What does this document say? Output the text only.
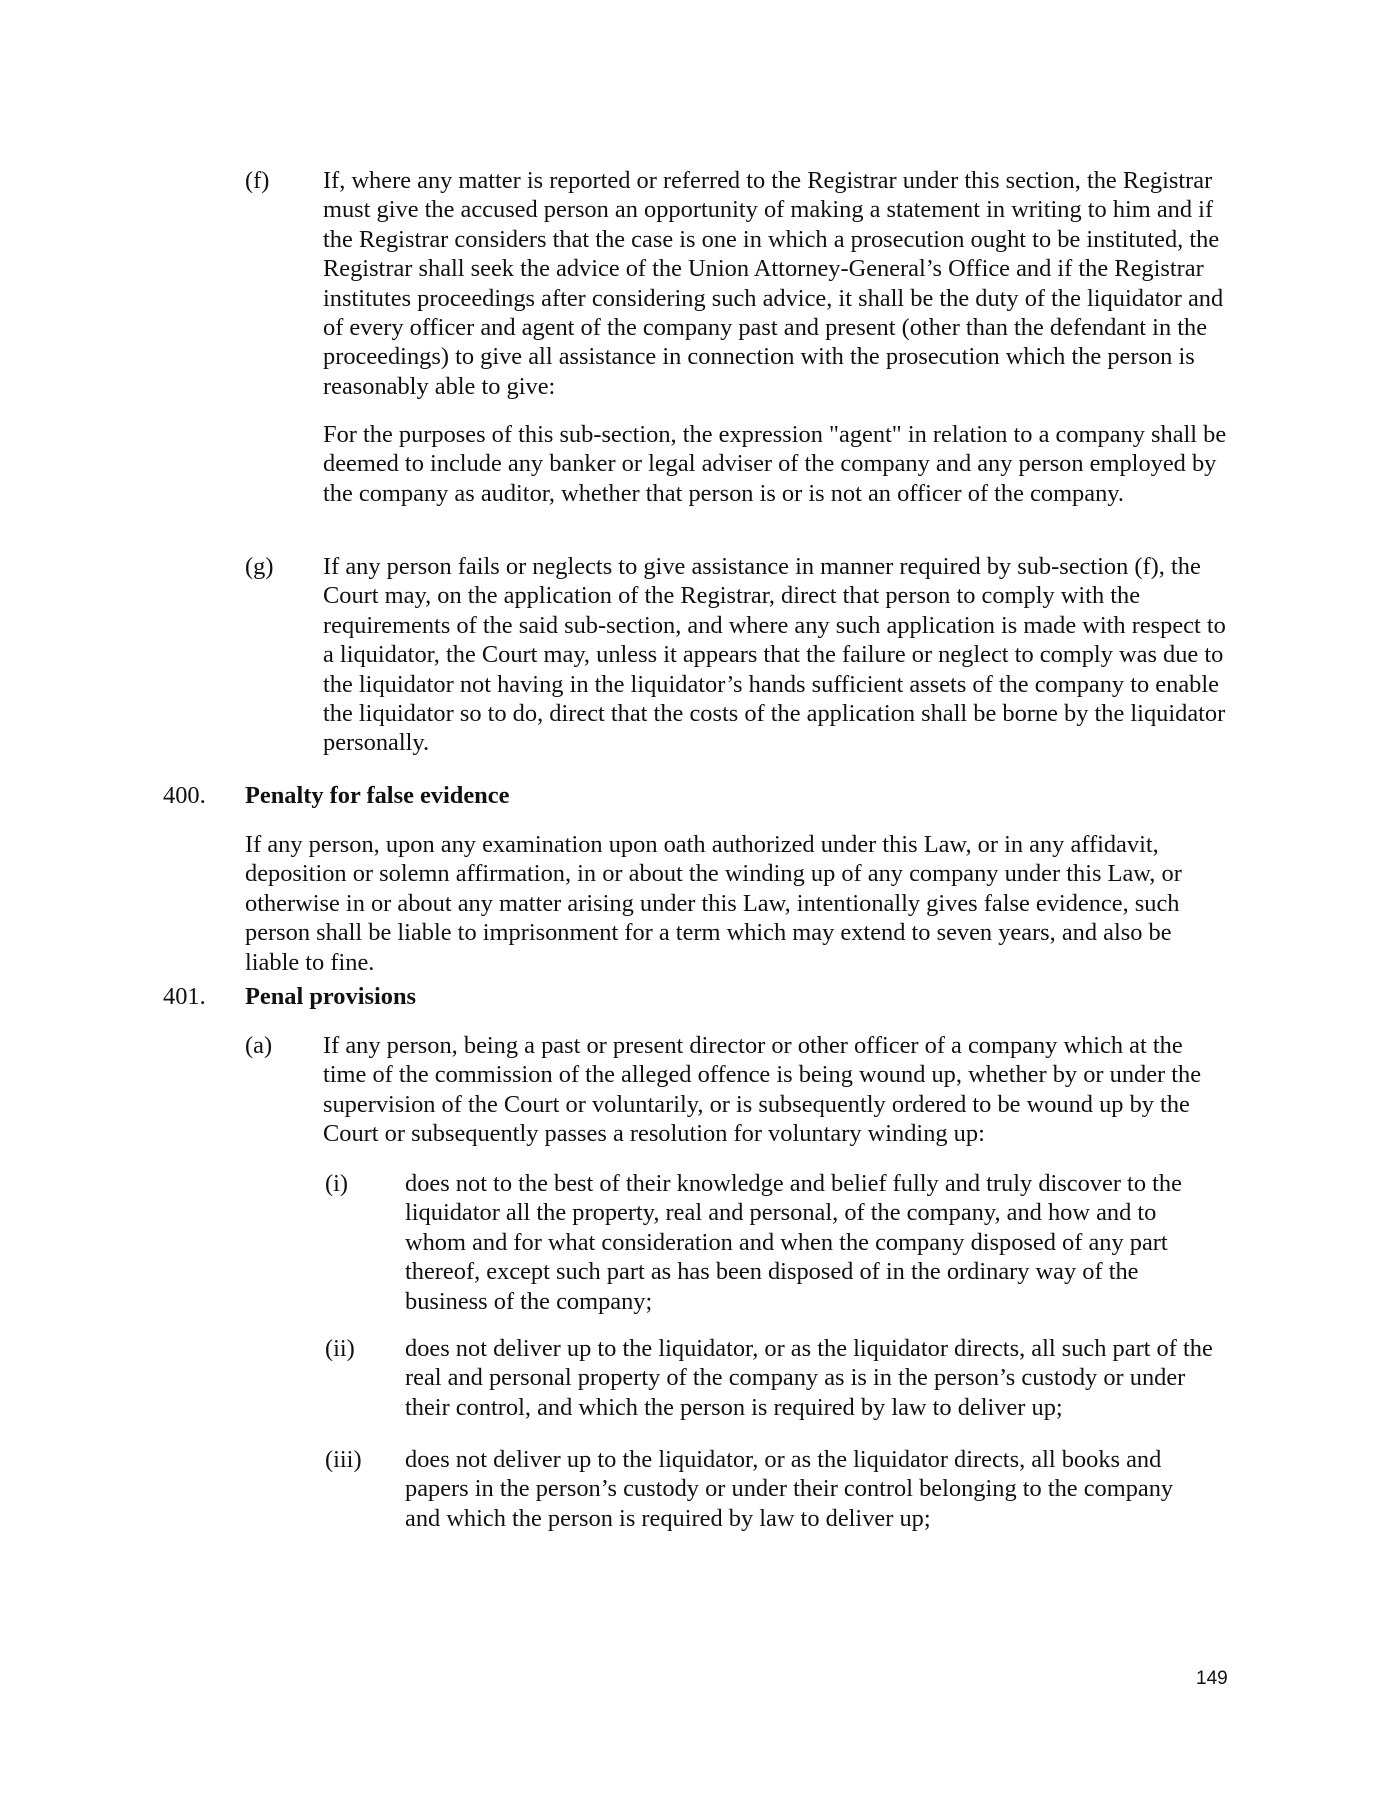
(f) If, where any matter is reported or referred to the Registrar under this section, the Registrar must give the accused person an opportunity of making a statement in writing to him and if the Registrar considers that the case is one in which a prosecution ought to be instituted, the Registrar shall seek the advice of the Union Attorney-General’s Office and if the Registrar institutes proceedings after considering such advice, it shall be the duty of the liquidator and of every officer and agent of the company past and present (other than the defendant in the proceedings) to give all assistance in connection with the prosecution which the person is reasonably able to give:
For the purposes of this sub-section, the expression "agent" in relation to a company shall be deemed to include any banker or legal adviser of the company and any person employed by the company as auditor, whether that person is or is not an officer of the company.
(g) If any person fails or neglects to give assistance in manner required by sub-section (f), the Court may, on the application of the Registrar, direct that person to comply with the requirements of the said sub-section, and where any such application is made with respect to a liquidator, the Court may, unless it appears that the failure or neglect to comply was due to the liquidator not having in the liquidator’s hands sufficient assets of the company to enable the liquidator so to do, direct that the costs of the application shall be borne by the liquidator personally.
400. Penalty for false evidence
If any person, upon any examination upon oath authorized under this Law, or in any affidavit, deposition or solemn affirmation, in or about the winding up of any company under this Law, or otherwise in or about any matter arising under this Law, intentionally gives false evidence, such person shall be liable to imprisonment for a term which may extend to seven years, and also be liable to fine.
401. Penal provisions
(a) If any person, being a past or present director or other officer of a company which at the time of the commission of the alleged offence is being wound up, whether by or under the supervision of the Court or voluntarily, or is subsequently ordered to be wound up by the Court or subsequently passes a resolution for voluntary winding up:
(i) does not to the best of their knowledge and belief fully and truly discover to the liquidator all the property, real and personal, of the company, and how and to whom and for what consideration and when the company disposed of any part thereof, except such part as has been disposed of in the ordinary way of the business of the company;
(ii) does not deliver up to the liquidator, or as the liquidator directs, all such part of the real and personal property of the company as is in the person’s custody or under their control, and which the person is required by law to deliver up;
(iii) does not deliver up to the liquidator, or as the liquidator directs, all books and papers in the person’s custody or under their control belonging to the company and which the person is required by law to deliver up;
149
